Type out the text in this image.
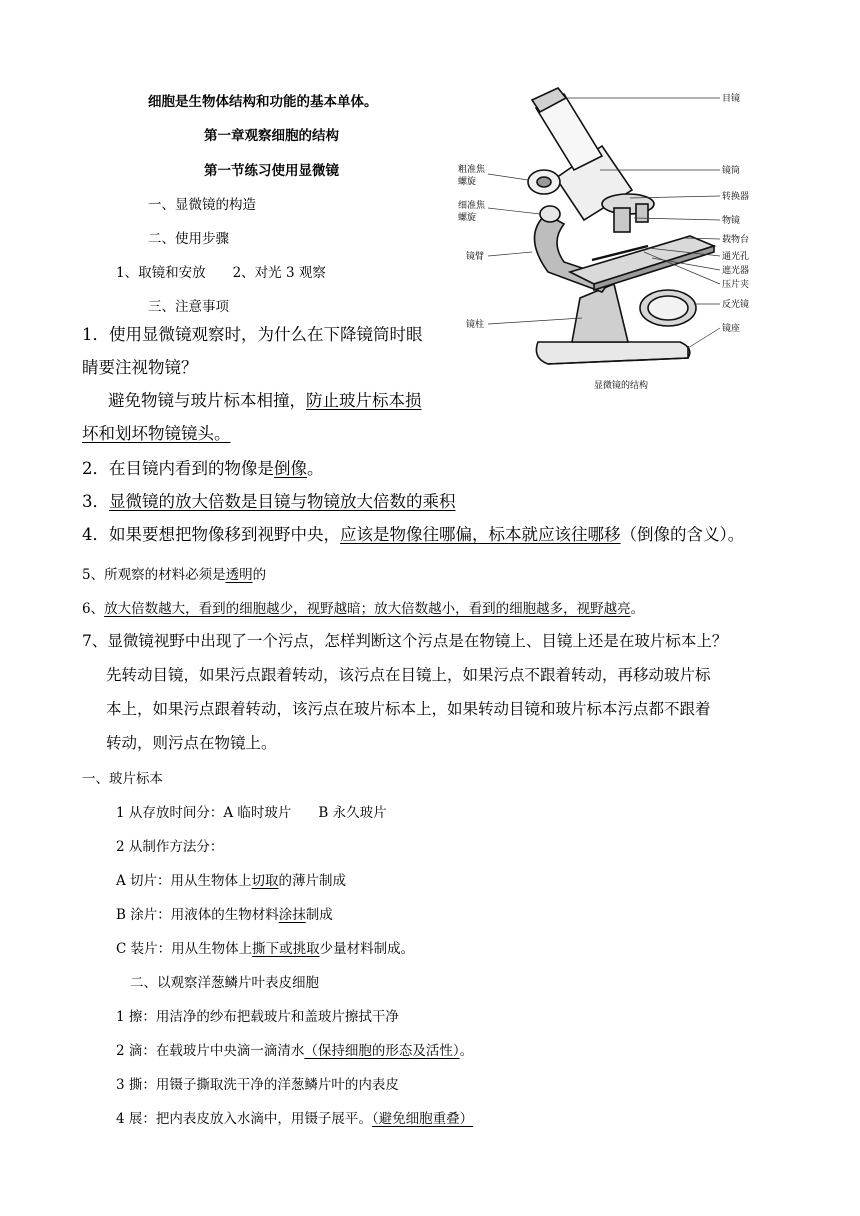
细胞是生物体结构和功能的基本单体。
第一章观察细胞的结构
第一节练习使用显微镜
一、显微镜的构造
二、使用步骤
1、取镜和安放　　2、对光 3 观察
三、注意事项
1．使用显微镜观察时，为什么在下降镜筒时眼
睛要注视物镜？
避免物镜与玻片标本相撞，防止玻片标本损
坏和划坏物镜镜头。
2．在目镜内看到的物像是倒像。
3．显微镜的放大倍数是目镜与物镜放大倍数的乘积
4．如果要想把物像移到视野中央，应该是物像往哪偏，标本就应该往哪移（倒像的含义）。
5、所观察的材料必须是透明的
6、放大倍数越大，看到的细胞越少，视野越暗；放大倍数越小，看到的细胞越多，视野越亮。
7、显微镜视野中出现了一个污点，怎样判断这个污点是在物镜上、目镜上还是在玻片标本上？
先转动目镜，如果污点跟着转动，该污点在目镜上，如果污点不跟着转动，再移动玻片标
本上，如果污点跟着转动，该污点在玻片标本上，如果转动目镜和玻片标本污点都不跟着
转动，则污点在物镜上。
一、玻片标本
1 从存放时间分：A 临时玻片　　B 永久玻片
2 从制作方法分：
A 切片：用从生物体上切取的薄片制成
B 涂片：用液体的生物材料涂抹制成
C 装片：用从生物体上撕下或挑取少量材料制成。
二、以观察洋葱鳞片叶表皮细胞
1 擦：用洁净的纱布把载玻片和盖玻片擦拭干净
2 滴：在载玻片中央滴一滴清水（保持细胞的形态及活性）。
3 撕：用镊子撕取洗干净的洋葱鳞片叶的内表皮
4 展：把内表皮放入水滴中，用镊子展平。（避免细胞重叠）
目镜
镜筒
转换器
物镜
载物台
通光孔
遮光器
压片夹
反光镜
镜座
粗准焦
螺旋
细准焦
螺旋
镜臂
镜柱
显微镜的结构
